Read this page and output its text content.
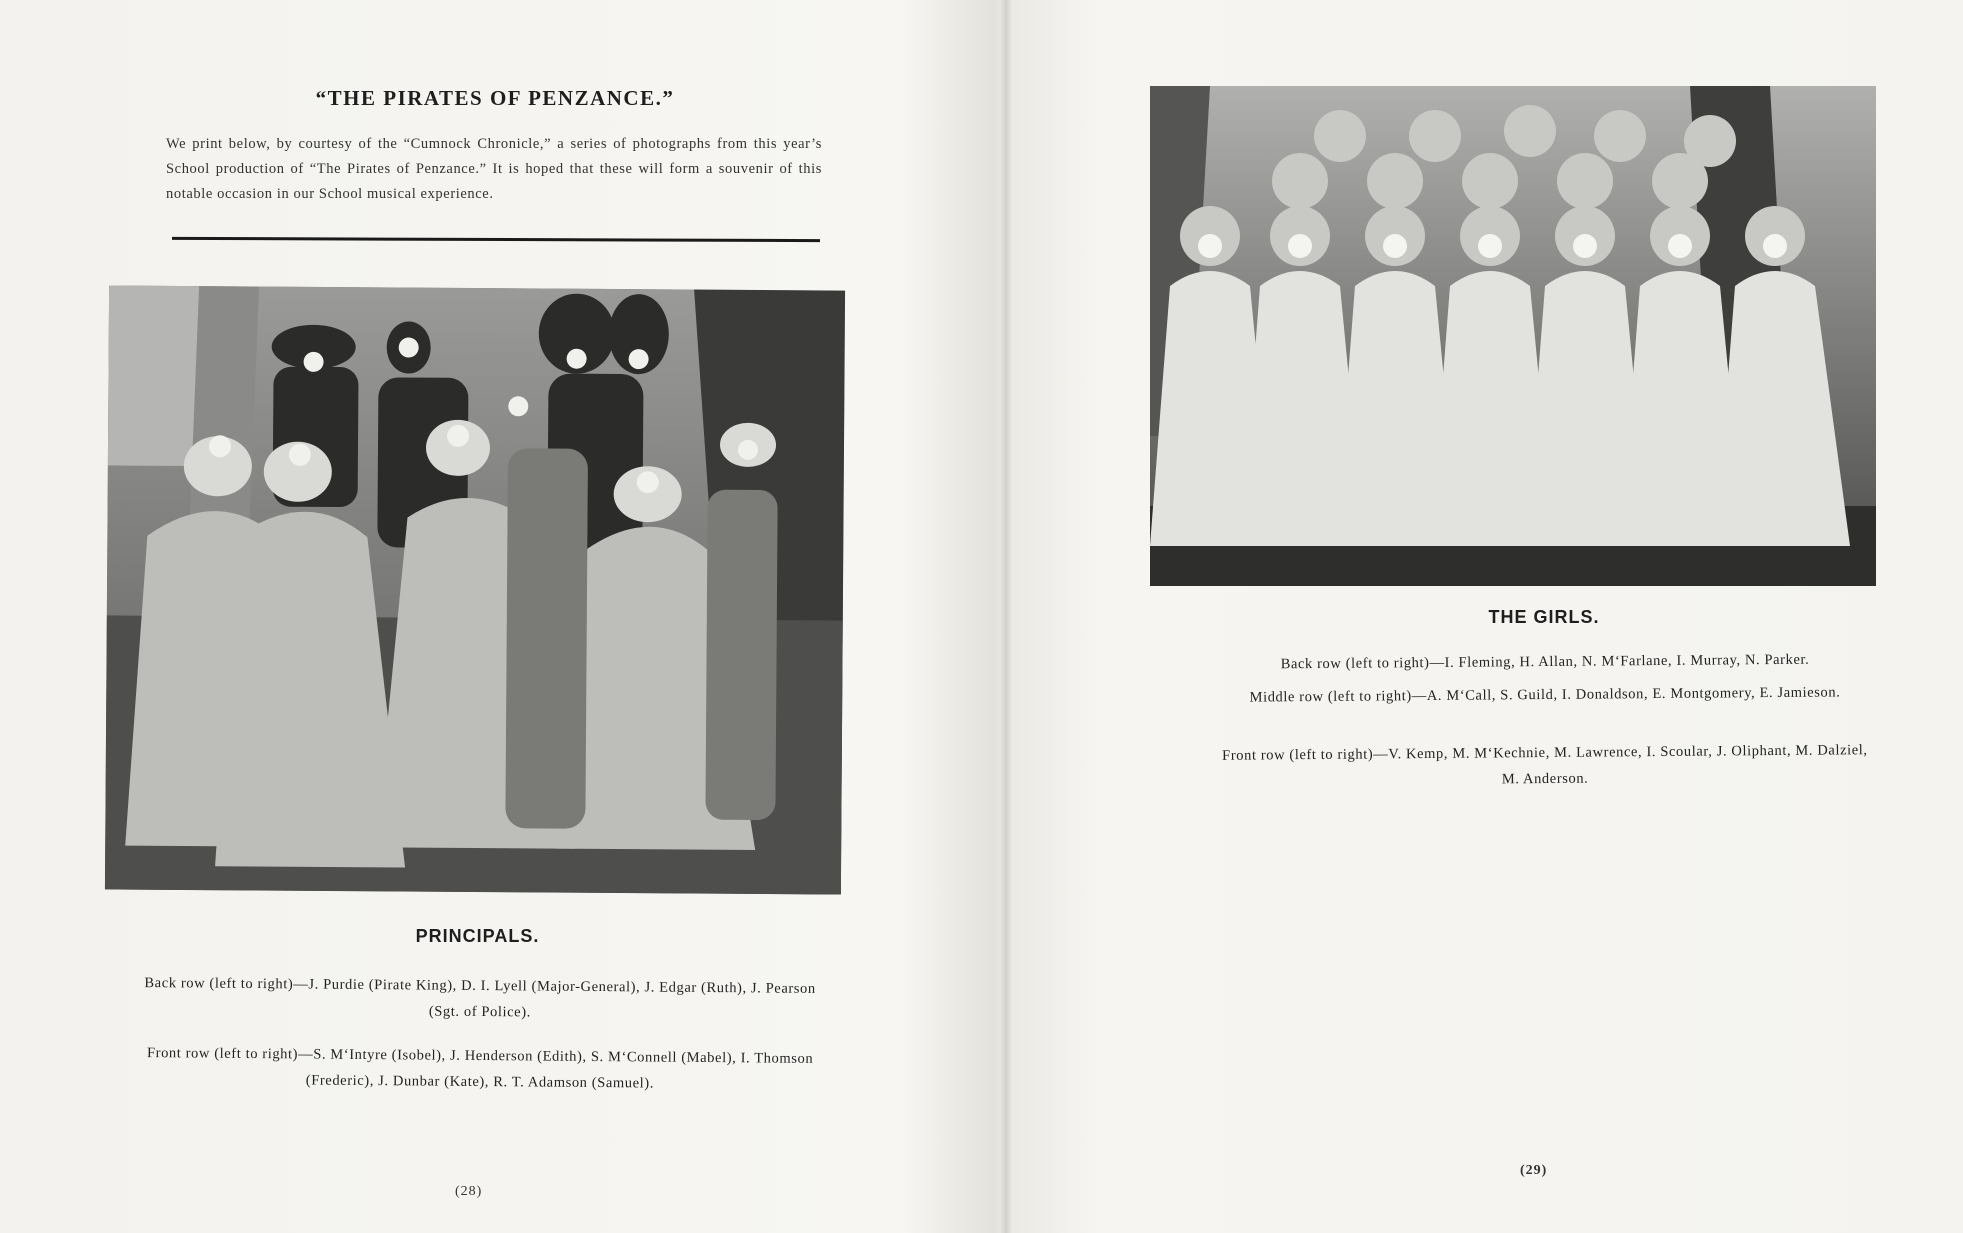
“THE PIRATES OF PENZANCE.”
We print below, by courtesy of the “Cumnock Chronicle,” a series of photographs from this year’s School production of “The Pirates of Penzance.” It is hoped that these will form a souvenir of this notable occasion in our School musical experience.
PRINCIPALS.
Back row (left to right)—J. Purdie (Pirate King), D. I. Lyell (Major-General), J. Edgar (Ruth), J. Pearson (Sgt. of Police).
Front row (left to right)—S. M‘Intyre (Isobel), J. Henderson (Edith), S. M‘Connell (Mabel), I. Thomson (Frederic), J. Dunbar (Kate), R. T. Adamson (Samuel).
(28)
THE GIRLS.
Back row (left to right)—I. Fleming, H. Allan, N. M‘Farlane, I. Murray, N. Parker.
Middle row (left to right)—A. M‘Call, S. Guild, I. Donaldson, E. Montgomery, E. Jamieson.
Front row (left to right)—V. Kemp, M. M‘Kechnie, M. Lawrence, I. Scoular, J. Oliphant, M. Dalziel, M. Anderson.
(29)
